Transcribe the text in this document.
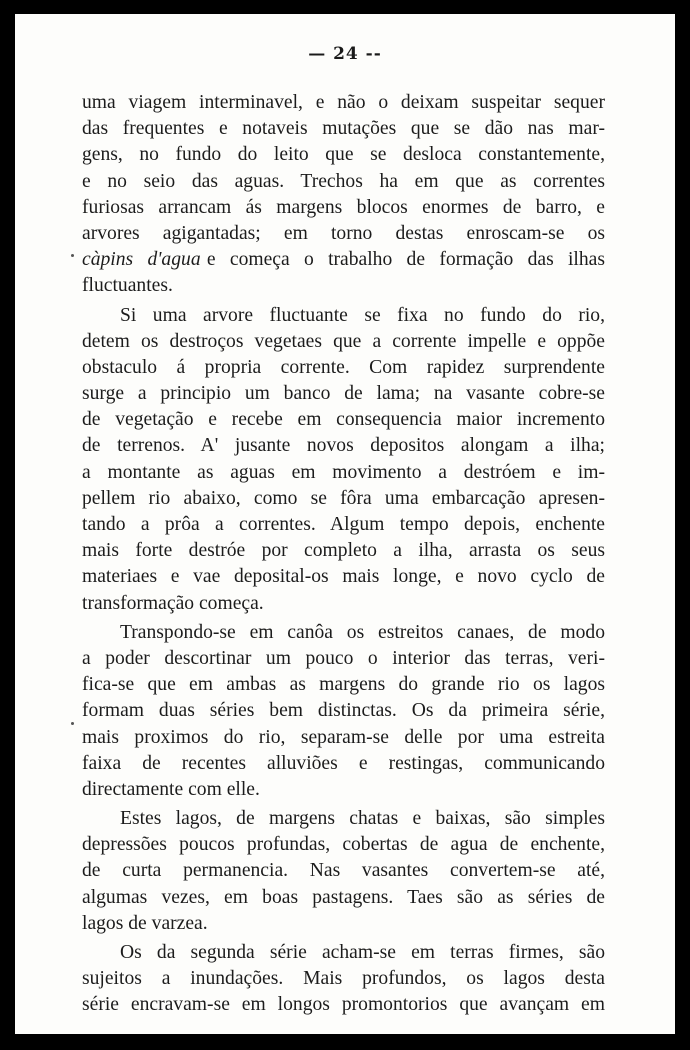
— 24 --
uma viagem interminavel, e não o deixam suspeitar sequer
das frequentes e notaveis mutações que se dão nas mar-
gens, no fundo do leito que se desloca constantemente,
e no seio das aguas. Trechos ha em que as correntes
furiosas arrancam ás margens blocos enormes de barro, e
arvores agigantadas; em torno destas enroscam-se os
càpins d'agua e começa o trabalho de formação das ilhas
fluctuantes.
Si uma arvore fluctuante se fixa no fundo do rio,
detem os destroços vegetaes que a corrente impelle e oppõe
obstaculo á propria corrente. Com rapidez surprendente
surge a principio um banco de lama; na vasante cobre-se
de vegetação e recebe em consequencia maior incremento
de terrenos. A' jusante novos depositos alongam a ilha;
a montante as aguas em movimento a destróem e im-
pellem rio abaixo, como se fôra uma embarcação apresen-
tando a prôa a correntes. Algum tempo depois, enchente
mais forte destróe por completo a ilha, arrasta os seus
materiaes e vae deposital-os mais longe, e novo cyclo de
transformação começa.
Transpondo-se em canôa os estreitos canaes, de modo
a poder descortinar um pouco o interior das terras, veri-
fica-se que em ambas as margens do grande rio os lagos
formam duas séries bem distinctas. Os da primeira série,
mais proximos do rio, separam-se delle por uma estreita
faixa de recentes alluviões e restingas, communicando
directamente com elle.
Estes lagos, de margens chatas e baixas, são simples
depressões poucos profundas, cobertas de agua de enchente,
de curta permanencia. Nas vasantes convertem-se até,
algumas vezes, em boas pastagens. Taes são as séries de
lagos de varzea.
Os da segunda série acham-se em terras firmes, são
sujeitos a inundações. Mais profundos, os lagos desta
série encravam-se em longos promontorios que avançam em
